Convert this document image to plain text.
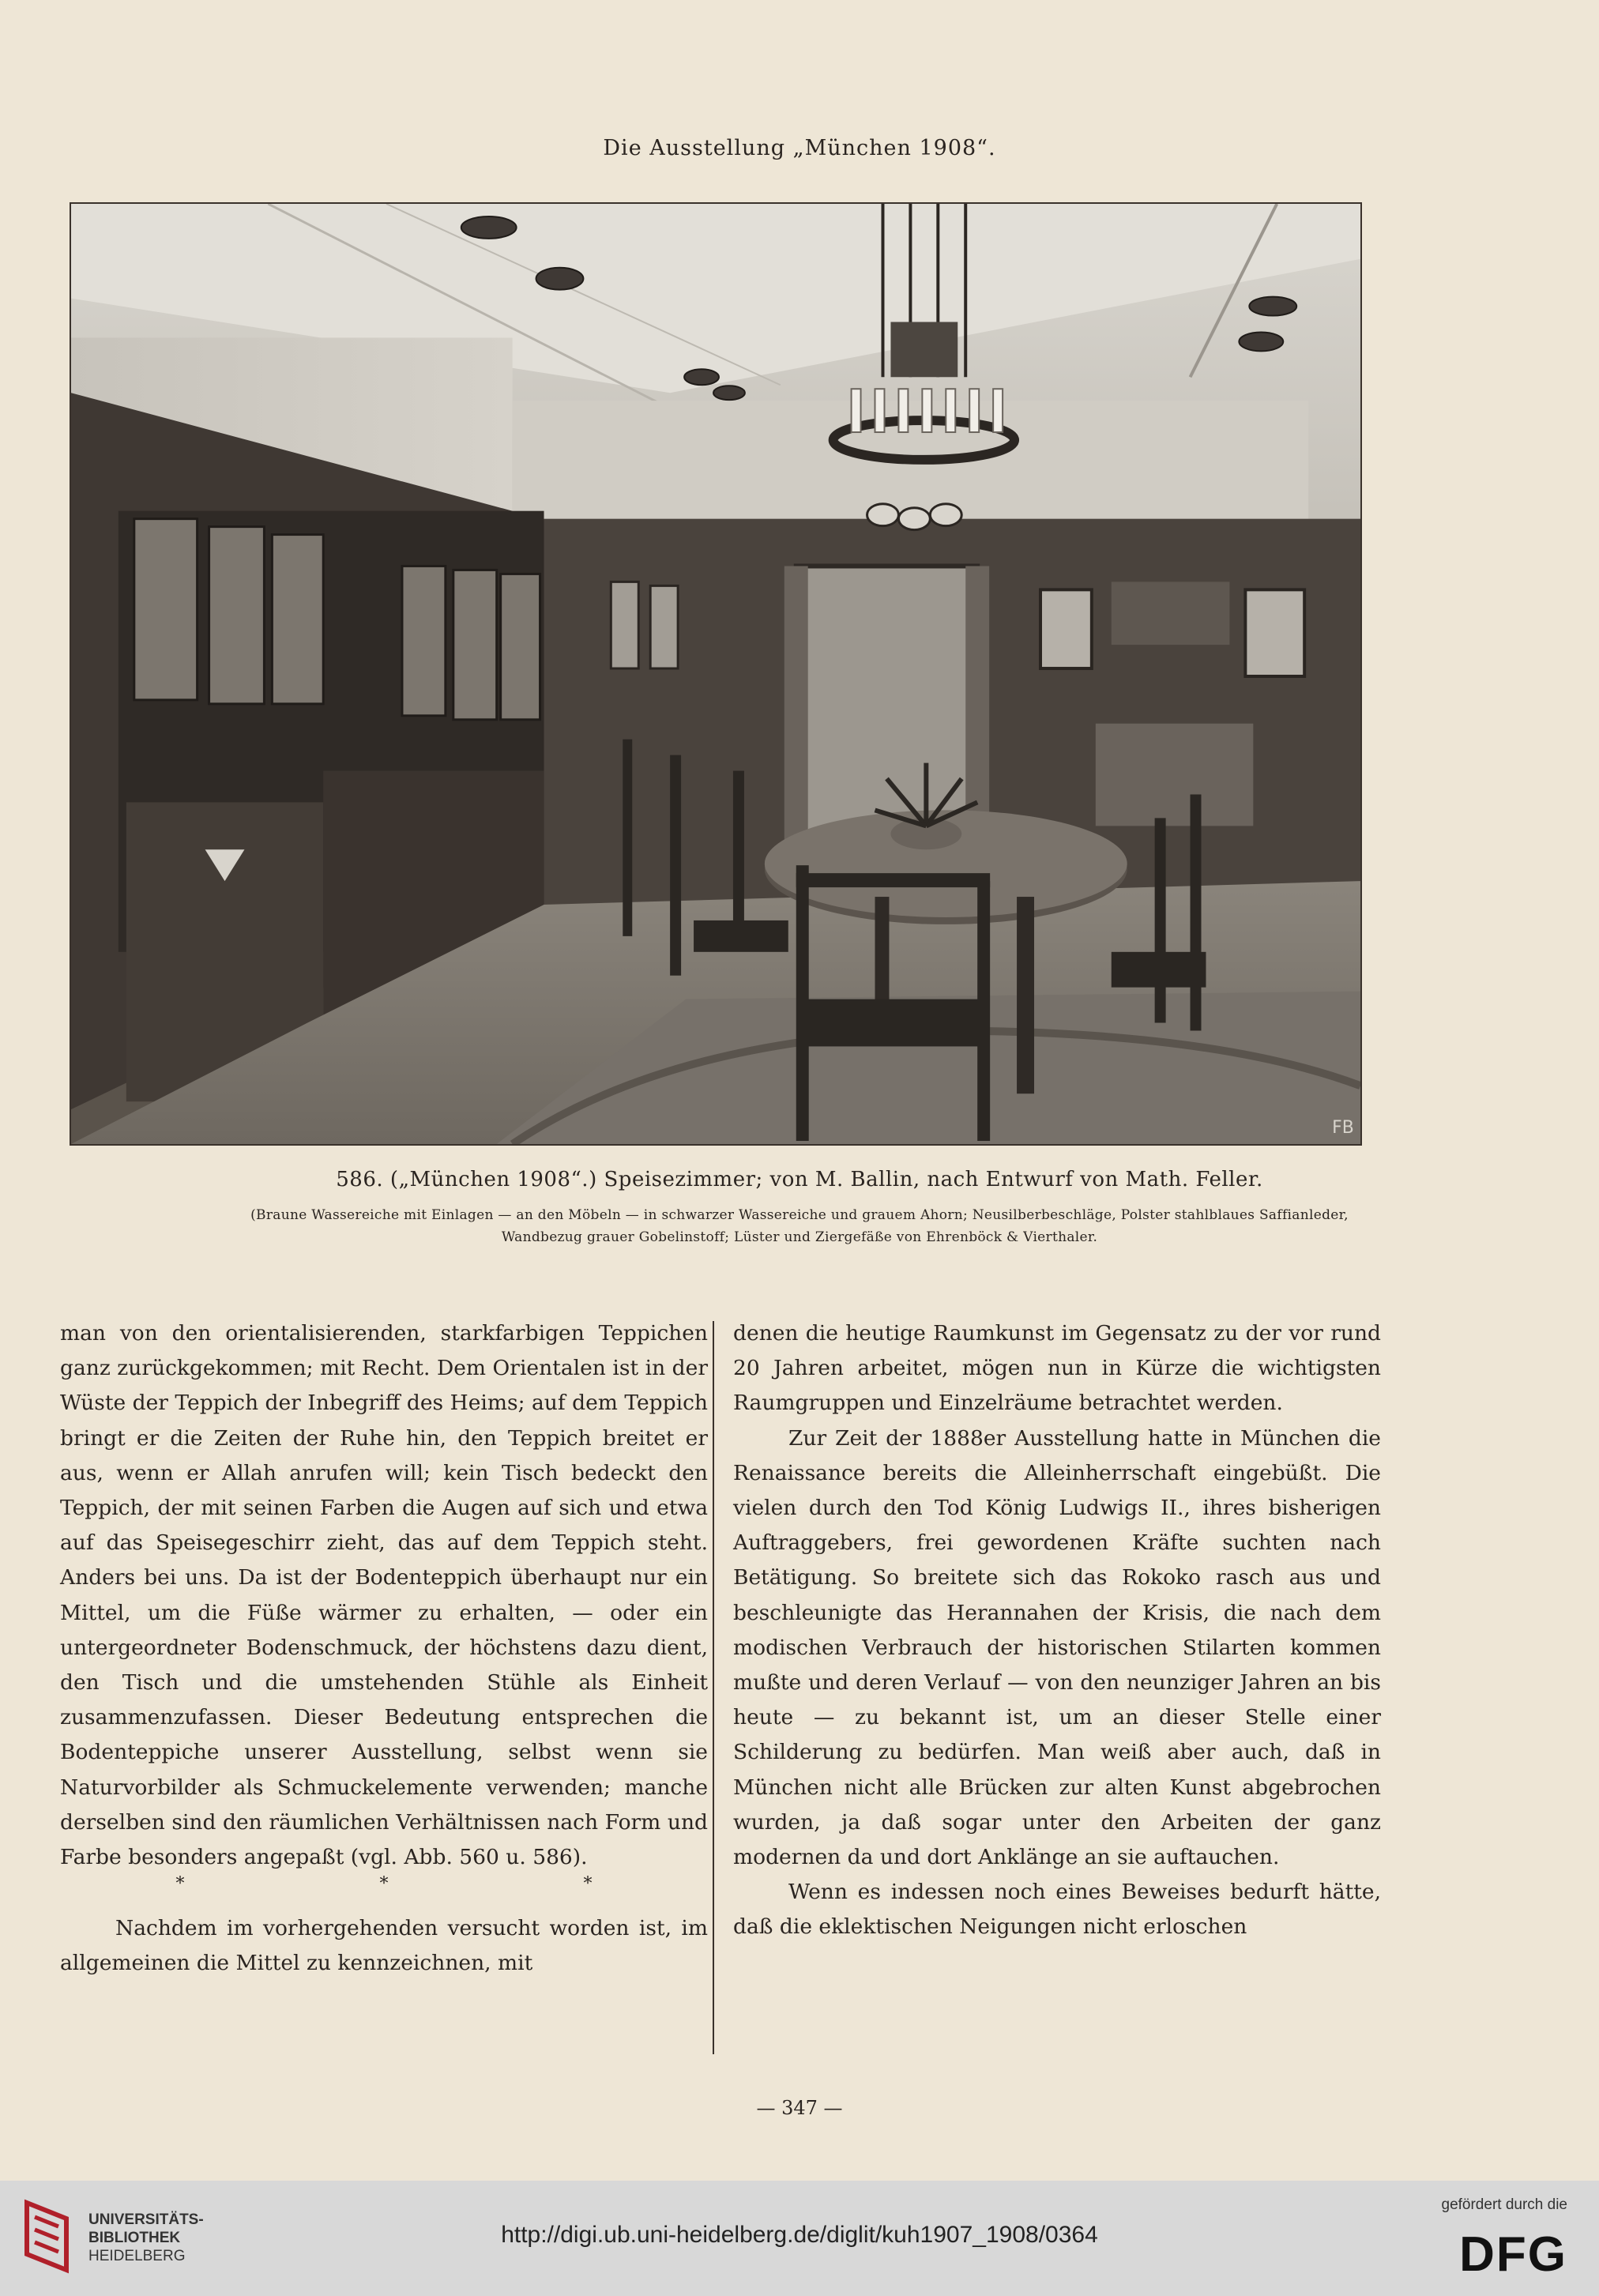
Die Ausstellung „München 1908“.
FB
586. („München 1908“.) Speisezimmer; von M. Ballin, nach Entwurf von Math. Feller.
(Braune Wassereiche mit Einlagen — an den Möbeln — in schwarzer Wassereiche und grauem Ahorn; Neusilberbeschläge, Polster stahlblaues Saffianleder,
Wandbezug grauer Gobelinstoff; Lüster und Ziergefäße von Ehrenböck & Vierthaler.

man von den orientalisierenden, starkfarbigen Teppichen ganz zurückgekommen; mit Recht. Dem Orientalen ist in der Wüste der Teppich der Inbegriff des Heims; auf dem Teppich bringt er die Zeiten der Ruhe hin, den Teppich breitet er aus, wenn er Allah anrufen will; kein Tisch bedeckt den Teppich, der mit seinen Farben die Augen auf sich und etwa auf das Speisegeschirr zieht, das auf dem Teppich steht. Anders bei uns. Da ist der Bodenteppich überhaupt nur ein Mittel, um die Füße wärmer zu erhalten, — oder ein untergeordneter Bodenschmuck, der höchstens dazu dient, den Tisch und die umstehenden Stühle als Einheit zusammenzufassen. Dieser Bedeutung entsprechen die Bodenteppiche unserer Ausstellung, selbst wenn sie Naturvorbilder als Schmuckelemente verwenden; manche derselben sind den räumlichen Verhältnissen nach Form und Farbe besonders angepaßt (vgl. Abb. 560 u. 586).

* * *

Nachdem im vorhergehenden versucht worden ist, im allgemeinen die Mittel zu kennzeichnen, mit

denen die heutige Raumkunst im Gegensatz zu der vor rund 20 Jahren arbeitet, mögen nun in Kürze die wichtigsten Raumgruppen und Einzelräume betrachtet werden.

Zur Zeit der 1888er Ausstellung hatte in München die Renaissance bereits die Alleinherrschaft eingebüßt. Die vielen durch den Tod König Ludwigs II., ihres bisherigen Auftraggebers, frei gewordenen Kräfte suchten nach Betätigung. So breitete sich das Rokoko rasch aus und beschleunigte das Herannahen der Krisis, die nach dem modischen Verbrauch der historischen Stilarten kommen mußte und deren Verlauf — von den neunziger Jahren an bis heute — zu bekannt ist, um an dieser Stelle einer Schilderung zu bedürfen. Man weiß aber auch, daß in München nicht alle Brücken zur alten Kunst abgebrochen wurden, ja daß sogar unter den Arbeiten der ganz modernen da und dort Anklänge an sie auftauchen.

Wenn es indessen noch eines Beweises bedurft hätte, daß die eklektischen Neigungen nicht erloschen

— 347 —
UNIVERSITÄTS-
BIBLIOTHEK
HEIDELBERG
http://digi.ub.uni-heidelberg.de/diglit/kuh1907_1908/0364
gefördert durch die
DFG
